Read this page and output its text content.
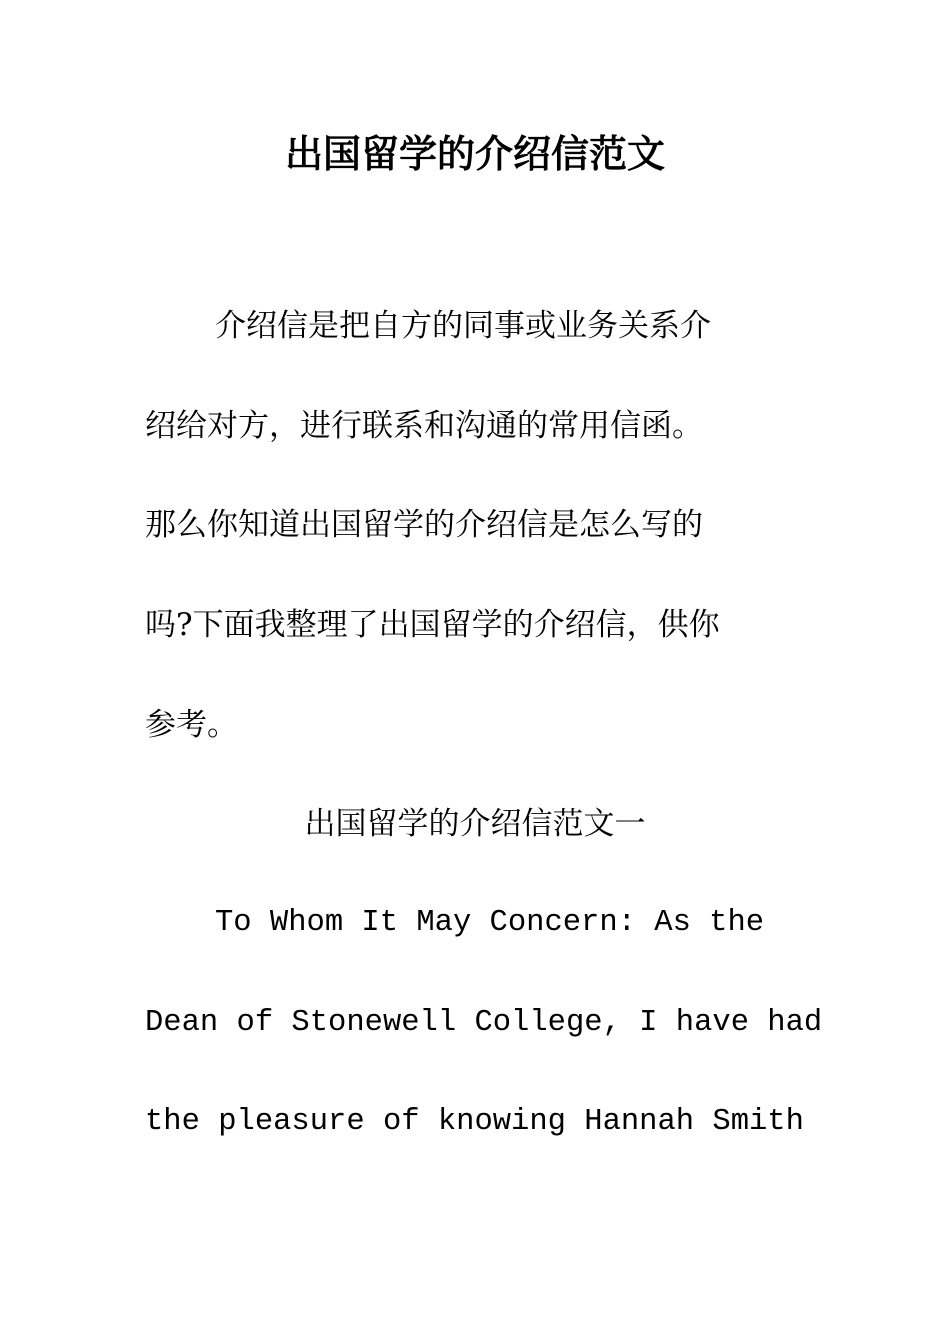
出国留学的介绍信范文

介绍信是把自方的同事或业务关系介

绍给对方，进行联系和沟通的常用信函。

那么你知道出国留学的介绍信是怎么写的

吗?下面我整理了出国留学的介绍信，供你

参考。

出国留学的介绍信范文一

To Whom It May Concern: As the

Dean of Stonewell College, I have had

the pleasure of knowing Hannah Smith
